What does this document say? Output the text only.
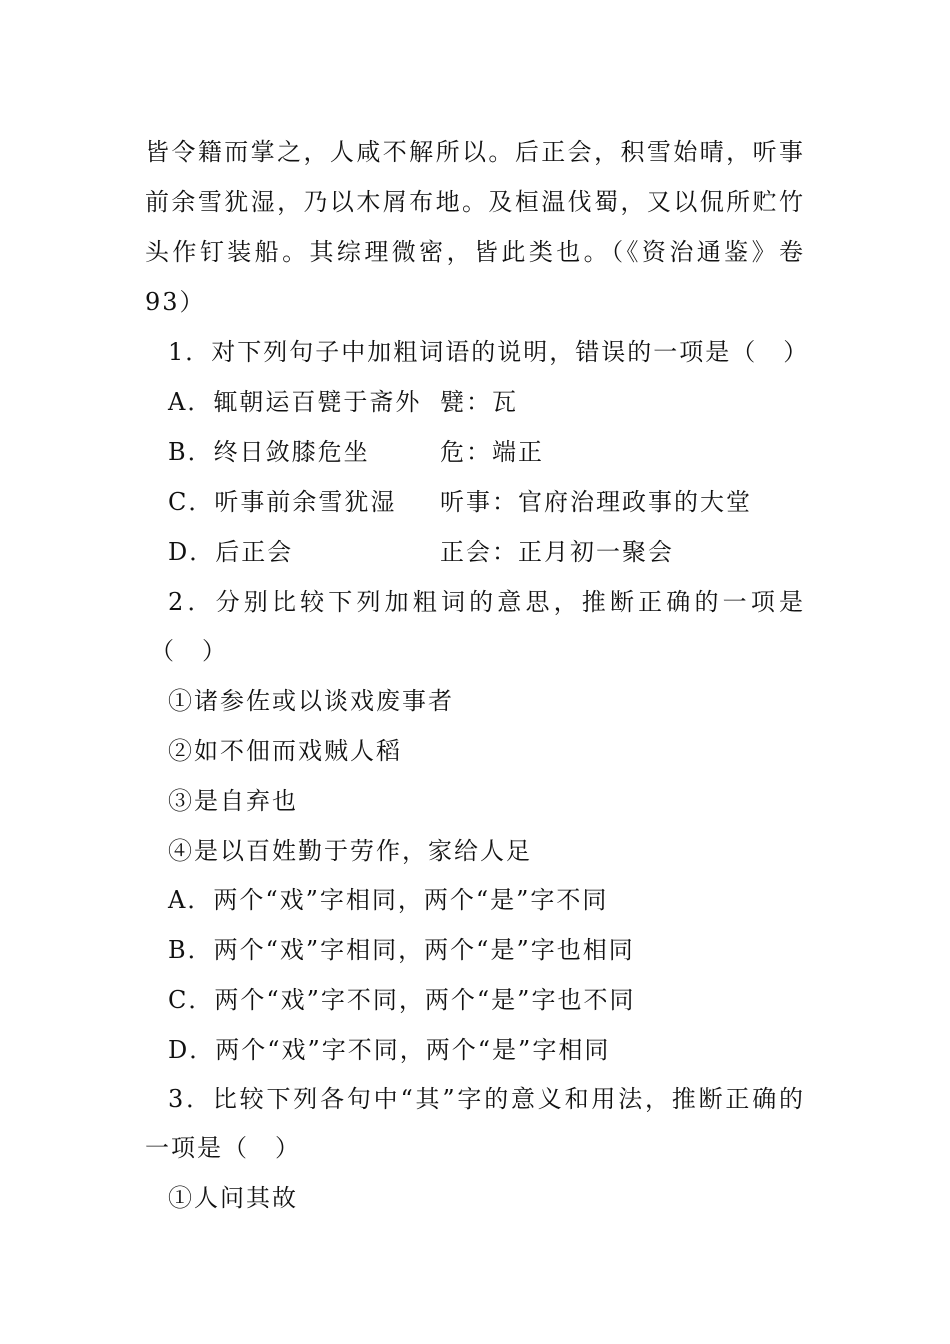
皆令籍而掌之，人咸不解所以。后正会，积雪始晴，听事
前余雪犹湿，乃以木屑布地。及桓温伐蜀，又以侃所贮竹
头作钉装船。其综理微密，皆此类也。（《资治通鉴》卷
93）
1．对下列句子中加粗词语的说明，错误的一项是（　）
A．辄朝运百甓于斋外 甓：瓦
B．终日敛膝危坐	危：端正
C．听事前余雪犹湿 听事：官府治理政事的大堂
D．后正会	正会：正月初一聚会
2．分别比较下列加粗词的意思，推断正确的一项是
（　）
①诸参佐或以谈戏废事者
②如不佃而戏贼人稻
③是自弃也
④是以百姓勤于劳作，家给人足
A．两个“戏”字相同，两个“是”字不同
B．两个“戏”字相同，两个“是”字也相同
C．两个“戏”字不同，两个“是”字也不同
D．两个“戏”字不同，两个“是”字相同
3．比较下列各句中“其”字的意义和用法，推断正确的
一项是（　）
①人问其故
